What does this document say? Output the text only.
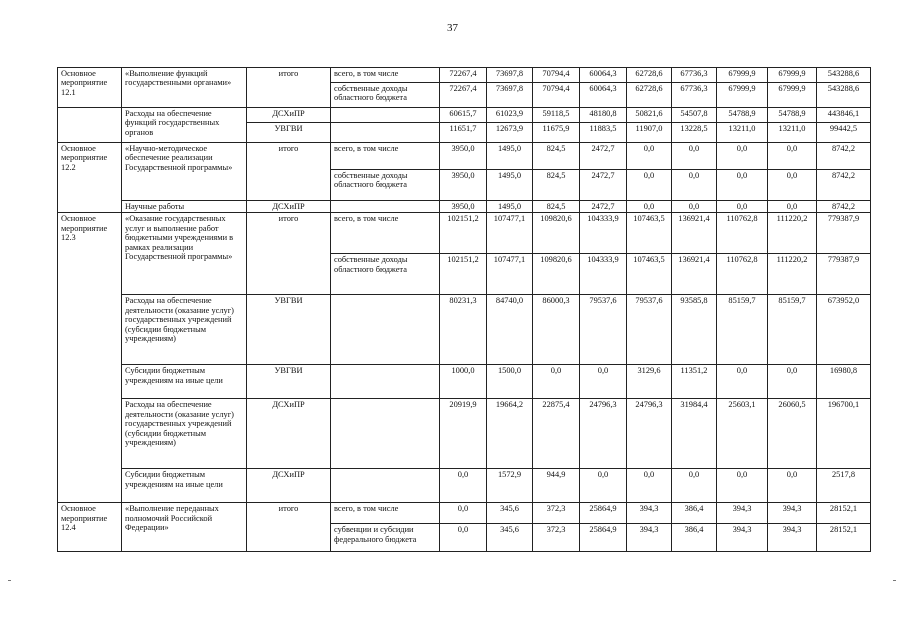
37
Основное мероприятие 12.1	«Выполнение функций государственными органами»	итого	всего, в том числе	72267,4	73697,8	70794,4	60064,3	62728,6	67736,3	67999,9	67999,9	543288,6
			собственные доходы областного бюджета	72267,4	73697,8	70794,4	60064,3	62728,6	67736,3	67999,9	67999,9	543288,6
	Расходы на обеспечение функций государственных органов	ДСХиПР		60615,7	61023,9	59118,5	48180,8	50821,6	54507,8	54788,9	54788,9	443846,1
		УВГВИ		11651,7	12673,9	11675,9	11883,5	11907,0	13228,5	13211,0	13211,0	99442,5
Основное мероприятие 12.2	«Научно-методическое обеспечение реализации Государственной программы»	итого	всего, в том числе	3950,0	1495,0	824,5	2472,7	0,0	0,0	0,0	0,0	8742,2
			собственные доходы областного бюджета	3950,0	1495,0	824,5	2472,7	0,0	0,0	0,0	0,0	8742,2
	Научные работы	ДСХиПР		3950,0	1495,0	824,5	2472,7	0,0	0,0	0,0	0,0	8742,2
Основное мероприятие 12.3	«Оказание государственных услуг и выполнение работ бюджетными учреждениями в рамках реализации Государственной программы»	итого	всего, в том числе	102151,2	107477,1	109820,6	104333,9	107463,5	136921,4	110762,8	111220,2	779387,9
			собственные доходы областного бюджета	102151,2	107477,1	109820,6	104333,9	107463,5	136921,4	110762,8	111220,2	779387,9
	Расходы на обеспечение деятельности (оказание услуг) государственных учреждений (субсидии бюджетным учреждениям)	УВГВИ		80231,3	84740,0	86000,3	79537,6	79537,6	93585,8	85159,7	85159,7	673952,0
	Субсидии бюджетным учреждениям на иные цели	УВГВИ		1000,0	1500,0	0,0	0,0	3129,6	11351,2	0,0	0,0	16980,8
	Расходы на обеспечение деятельности (оказание услуг) государственных учреждений (субсидии бюджетным учреждениям)	ДСХиПР		20919,9	19664,2	22875,4	24796,3	24796,3	31984,4	25603,1	26060,5	196700,1
	Субсидии бюджетным учреждениям на иные цели	ДСХиПР		0,0	1572,9	944,9	0,0	0,0	0,0	0,0	0,0	2517,8
Основное мероприятие 12.4	«Выполнение переданных полномочий Российской Федерации»	итого	всего, в том числе	0,0	345,6	372,3	25864,9	394,3	386,4	394,3	394,3	28152,1
			субвенции и субсидии федерального бюджета	0,0	345,6	372,3	25864,9	394,3	386,4	394,3	394,3	28152,1
